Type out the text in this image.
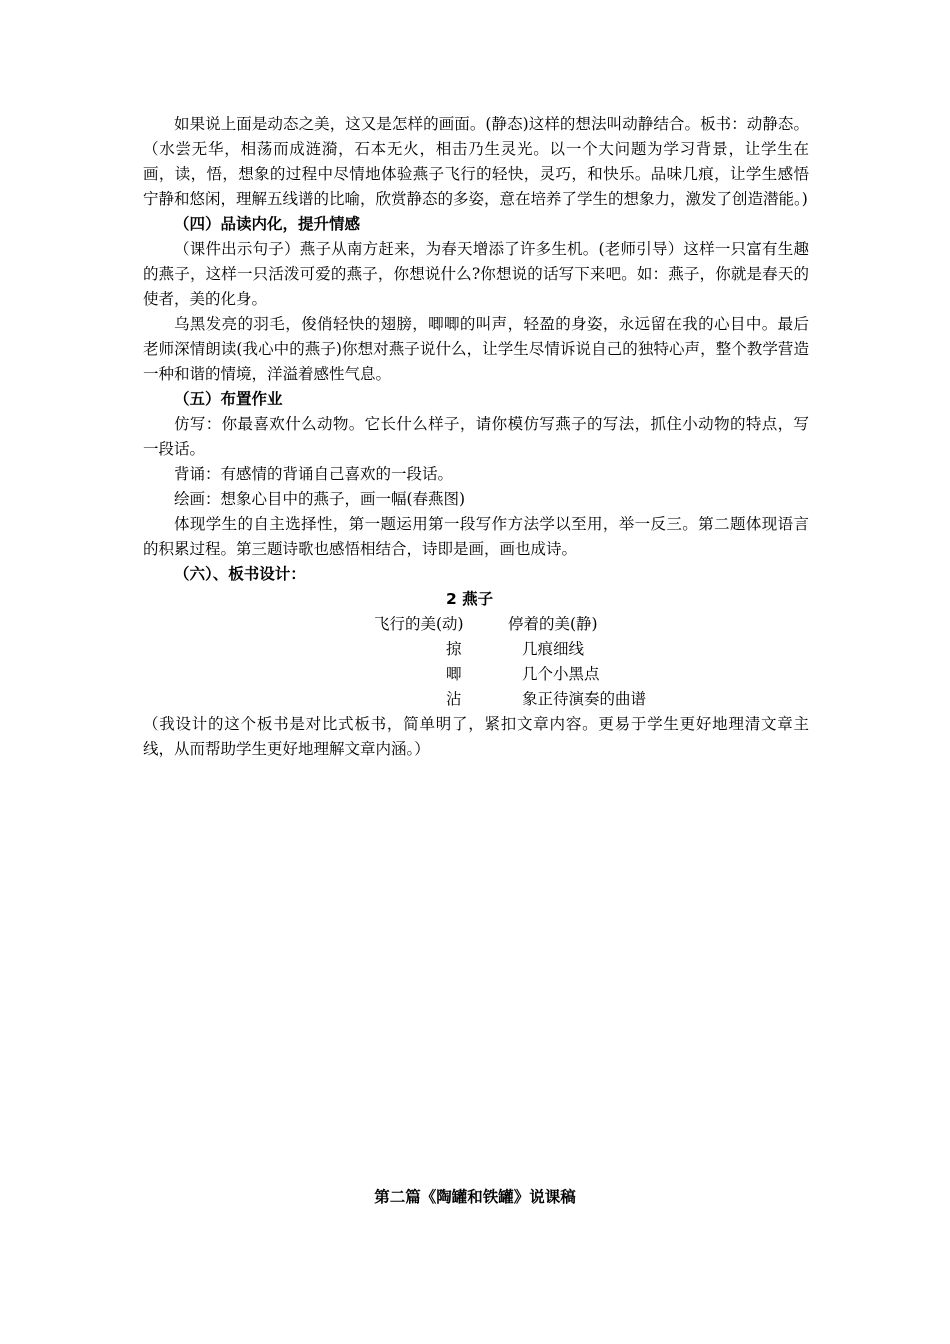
如果说上面是动态之美，这又是怎样的画面。(静态)这样的想法叫动静结合。板书：动静态。 （水尝无华，相荡而成涟漪，石本无火，相击乃生灵光。以一个大问题为学习背景，让学生在画，读，悟，想象的过程中尽情地体验燕子飞行的轻快，灵巧，和快乐。品味几痕，让学生感悟宁静和悠闲，理解五线谱的比喻，欣赏静态的多姿，意在培养了学生的想象力，激发了创造潜能。)

（四）品读内化，提升情感

（课件出示句子）燕子从南方赶来，为春天增添了许多生机。(老师引导）这样一只富有生趣的燕子，这样一只活泼可爱的燕子，你想说什么?你想说的话写下来吧。如：燕子，你就是春天的使者，美的化身。

乌黑发亮的羽毛，俊俏轻快的翅膀，唧唧的叫声，轻盈的身姿，永远留在我的心目中。最后老师深情朗读(我心中的燕子)你想对燕子说什么，让学生尽情诉说自己的独特心声，整个教学营造一种和谐的情境，洋溢着感性气息。

（五）布置作业

仿写：你最喜欢什么动物。它长什么样子，请你模仿写燕子的写法，抓住小动物的特点，写一段话。

背诵：有感情的背诵自己喜欢的一段话。

绘画：想象心目中的燕子，画一幅(春燕图)

体现学生的自主选择性，第一题运用第一段写作方法学以至用，举一反三。第二题体现语言的积累过程。第三题诗歌也感悟相结合，诗即是画，画也成诗。

（六）、板书设计：

2 燕子
飞行的美(动)	停着的美(静)
掠	几痕细线
唧	几个小黑点
沾	象正待演奏的曲谱

（我设计的这个板书是对比式板书，简单明了，紧扣文章内容。更易于学生更好地理清文章主线，从而帮助学生更好地理解文章内涵。）

第二篇《陶罐和铁罐》说课稿
